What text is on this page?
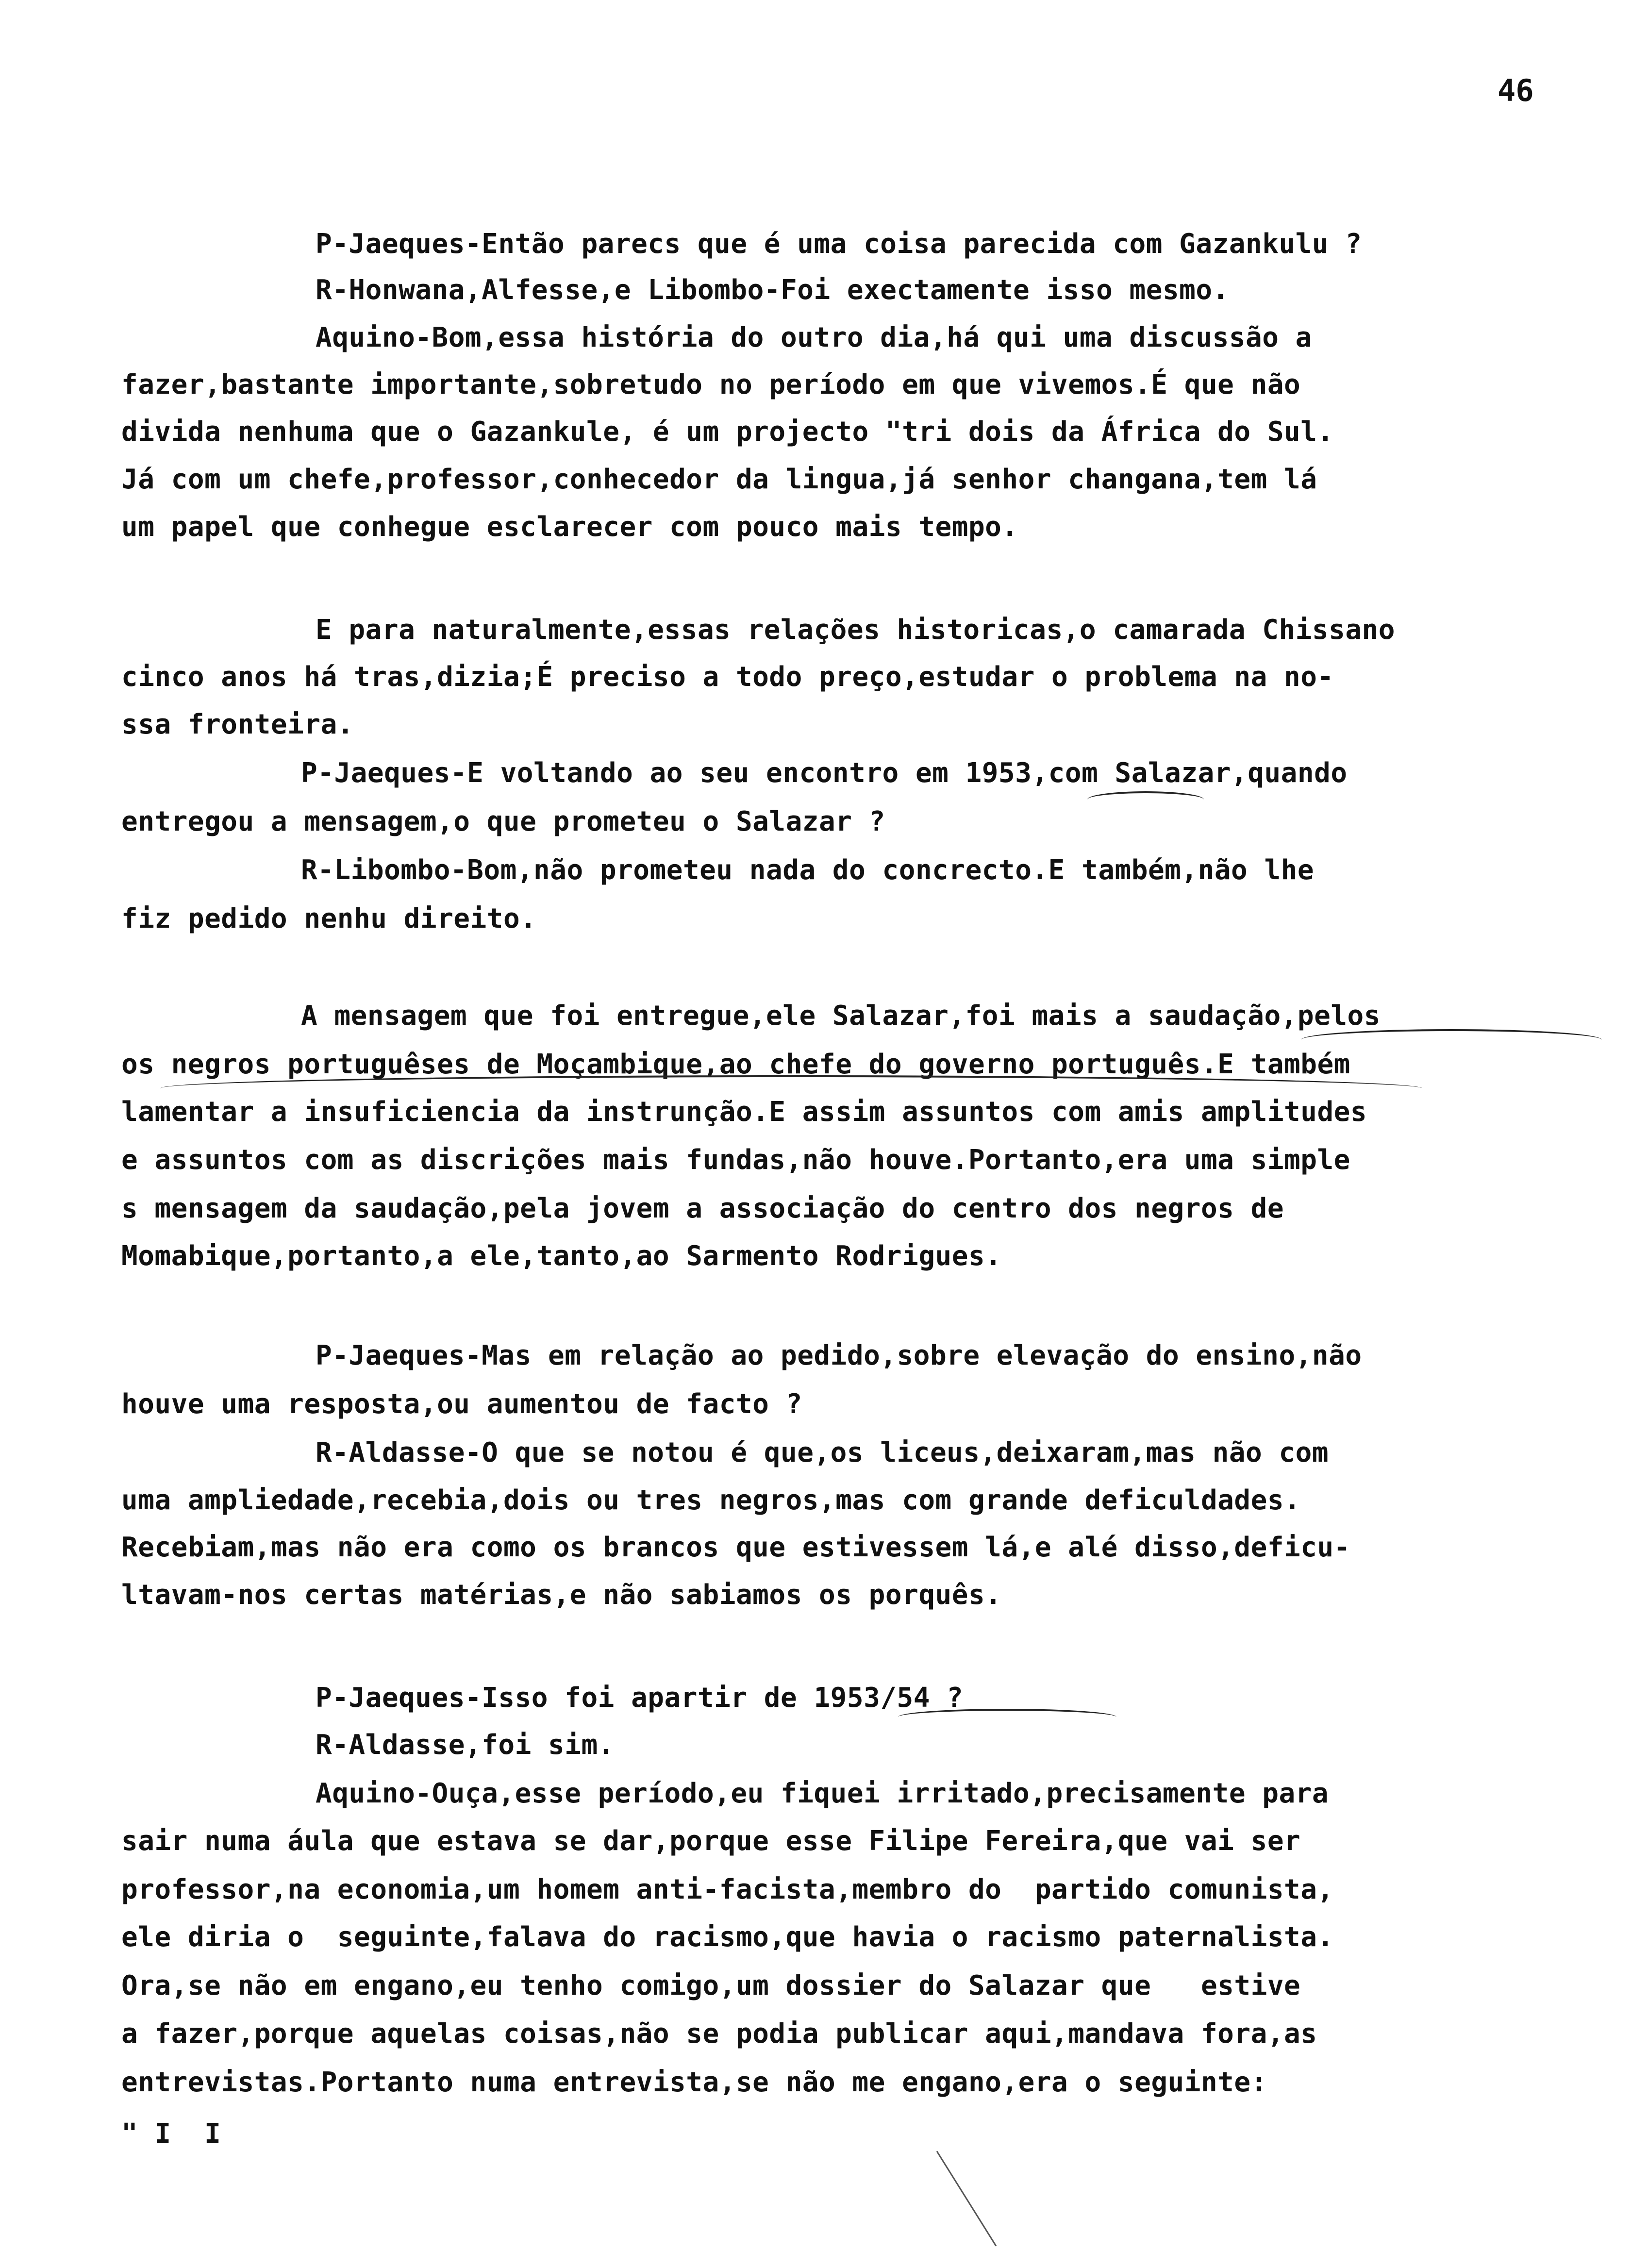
46
P-Jaeques-Então parecs que é uma coisa parecida com Gazankulu ?
R-Honwana,Alfesse,e Libombo-Foi exectamente isso mesmo.
Aquino-Bom,essa história do outro dia,há qui uma discussão a
fazer,bastante importante,sobretudo no período em que vivemos.É que não
divida nenhuma que o Gazankule, é um projecto "tri dois da África do Sul.
Já com um chefe,professor,conhecedor da lingua,já senhor changana,tem lá
um papel que conhegue esclarecer com pouco mais tempo.
E para naturalmente,essas relações historicas,o camarada Chissano
cinco anos há tras,dizia;É preciso a todo preço,estudar o problema na no-
ssa fronteira.
P-Jaeques-E voltando ao seu encontro em 1953,com Salazar,quando
entregou a mensagem,o que prometeu o Salazar ?
R-Libombo-Bom,não prometeu nada do concrecto.E também,não lhe
fiz pedido nenhu direito.
A mensagem que foi entregue,ele Salazar,foi mais a saudação,pelos
os negros portuguêses de Moçambique,ao chefe do governo português.E também
lamentar a insuficiencia da instrunção.E assim assuntos com amis amplitudes
e assuntos com as discrições mais fundas,não houve.Portanto,era uma simple
s mensagem da saudação,pela jovem a associação do centro dos negros de
Momabique,portanto,a ele,tanto,ao Sarmento Rodrigues.
P-Jaeques-Mas em relação ao pedido,sobre elevação do ensino,não
houve uma resposta,ou aumentou de facto ?
R-Aldasse-O que se notou é que,os liceus,deixaram,mas não com
uma ampliedade,recebia,dois ou tres negros,mas com grande deficuldades.
Recebiam,mas não era como os brancos que estivessem lá,e alé disso,deficu-
ltavam-nos certas matérias,e não sabiamos os porquês.
P-Jaeques-Isso foi apartir de 1953/54 ?
R-Aldasse,foi sim.
Aquino-Ouça,esse período,eu fiquei irritado,precisamente para
sair numa áula que estava se dar,porque esse Filipe Fereira,que vai ser
professor,na economia,um homem anti-facista,membro do  partido comunista,
ele diria o  seguinte,falava do racismo,que havia o racismo paternalista.
Ora,se não em engano,eu tenho comigo,um dossier do Salazar que   estive
a fazer,porque aquelas coisas,não se podia publicar aqui,mandava fora,as
entrevistas.Portanto numa entrevista,se não me engano,era o seguinte:
" I  I
